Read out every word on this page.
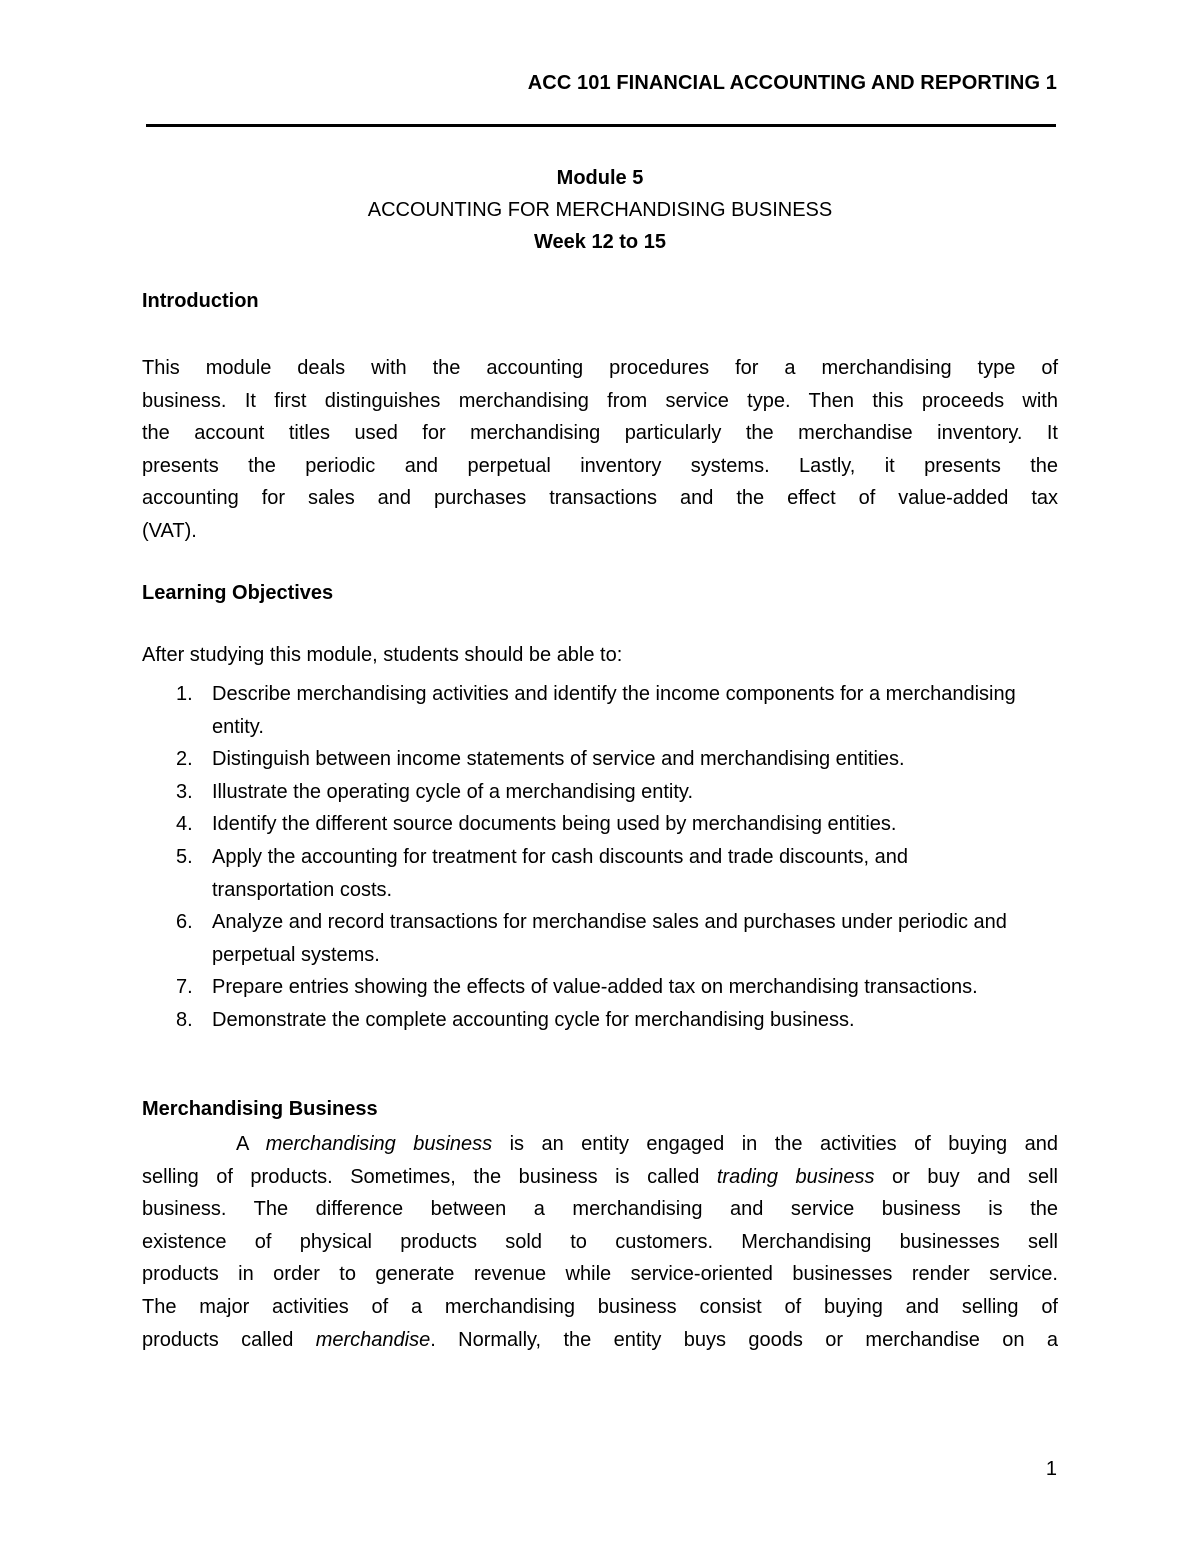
ACC 101 FINANCIAL ACCOUNTING AND REPORTING 1
Module 5
ACCOUNTING FOR MERCHANDISING BUSINESS
Week 12 to 15
Introduction
This module deals with the accounting procedures for a merchandising type of
business. It first distinguishes merchandising from service type. Then this proceeds with
the account titles used for merchandising particularly the merchandise inventory. It
presents the periodic and perpetual inventory systems. Lastly, it presents the
accounting for sales and purchases transactions and the effect of value-added tax
(VAT).
Learning Objectives
After studying this module, students should be able to:
1. Describe merchandising activities and identify the income components for a merchandising entity.
2. Distinguish between income statements of service and merchandising entities.
3. Illustrate the operating cycle of a merchandising entity.
4. Identify the different source documents being used by merchandising entities.
5. Apply the accounting for treatment for cash discounts and trade discounts, and transportation costs.
6. Analyze and record transactions for merchandise sales and purchases under periodic and perpetual systems.
7. Prepare entries showing the effects of value-added tax on merchandising transactions.
8. Demonstrate the complete accounting cycle for merchandising business.
Merchandising Business
A merchandising business is an entity engaged in the activities of buying and
selling of products. Sometimes, the business is called trading business or buy and sell
business. The difference between a merchandising and service business is the
existence of physical products sold to customers. Merchandising businesses sell
products in order to generate revenue while service-oriented businesses render service.
The major activities of a merchandising business consist of buying and selling of
products called merchandise. Normally, the entity buys goods or merchandise on a
1
